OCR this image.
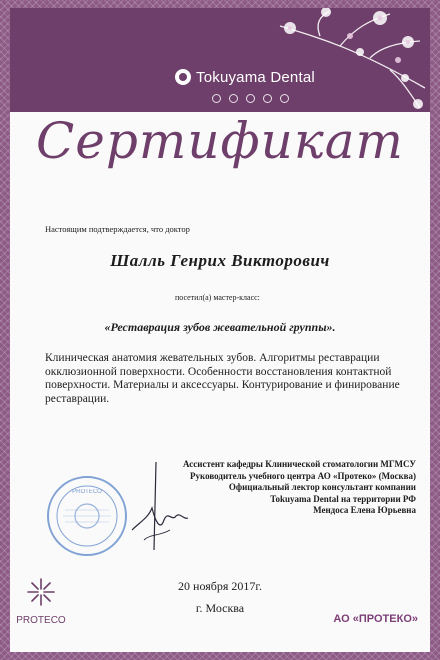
Tokuyama Dental
Сертификат
Настоящим подтверждается, что доктор
Шалль Генрих Викторович
посетил(а) мастер-класс:
«Реставрация зубов жевательной группы».
Клиническая анатомия жевательных зубов. Алгоритмы реставрации окклюзионной поверхности. Особенности восстановления контактной поверхности. Материалы и аксессуары. Контурирование и финирование реставрации.
Ассистент кафедры Клинической стоматологии МГМСУ
Руководитель учебного центра АО «Протеко» (Москва)
Официальный лектор консультант компании
Tokuyama Dental на территории РФ
Мендоса Елена Юрьевна
PROTECO
20 ноября 2017г.
г. Москва
PROTECO	АО «ПРОТЕКО»
